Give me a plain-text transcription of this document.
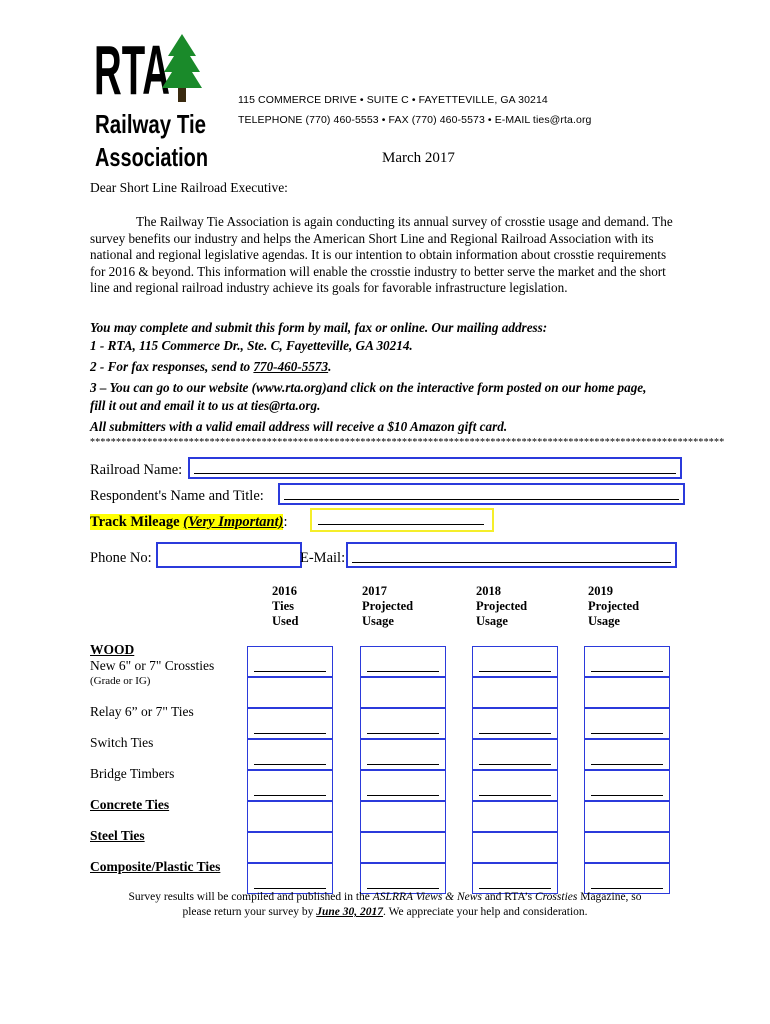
RTA
Railway Tie
Association
115 COMMERCE DRIVE • SUITE C • FAYETTEVILLE, GA 30214
TELEPHONE (770) 460-5553 • FAX (770) 460-5573 • E-MAIL ties@rta.org
March 2017
Dear Short Line Railroad Executive:
The Railway Tie Association is again conducting its annual survey of crosstie usage and demand. The survey benefits our industry and helps the American Short Line and Regional Railroad Association with its national and regional legislative agendas. It is our intention to obtain information about crosstie requirements for 2016 & beyond. This information will enable the crosstie industry to better serve the market and the short line and regional railroad industry achieve its goals for favorable infrastructure legislation.
You may complete and submit this form by mail, fax or online. Our mailing address:
1 - RTA, 115 Commerce Dr., Ste. C, Fayetteville, GA 30214.
2 - For fax responses, send to 770-460-5573.
3 – You can go to our website (www.rta.org)and click on the interactive form posted on our home page,
fill it out and email it to us at ties@rta.org.
All submitters with a valid email address will receive a $10 Amazon gift card.
**************************************************************************************************************************
Railroad Name:
Respondent's Name and Title:
Track Mileage (Very Important):
Phone No:	E-Mail:
2016
Ties
Used
2017
Projected
Usage
2018
Projected
Usage
2019
Projected
Usage
WOOD
New 6" or 7" Crossties
(Grade or IG)
Relay 6” or 7" Ties
Switch Ties
Bridge Timbers
Concrete Ties
Steel Ties
Composite/Plastic Ties
Survey results will be compiled and published in the ASLRRA Views & News and RTA’s Crossties Magazine, so
please return your survey by June 30, 2017. We appreciate your help and consideration.
